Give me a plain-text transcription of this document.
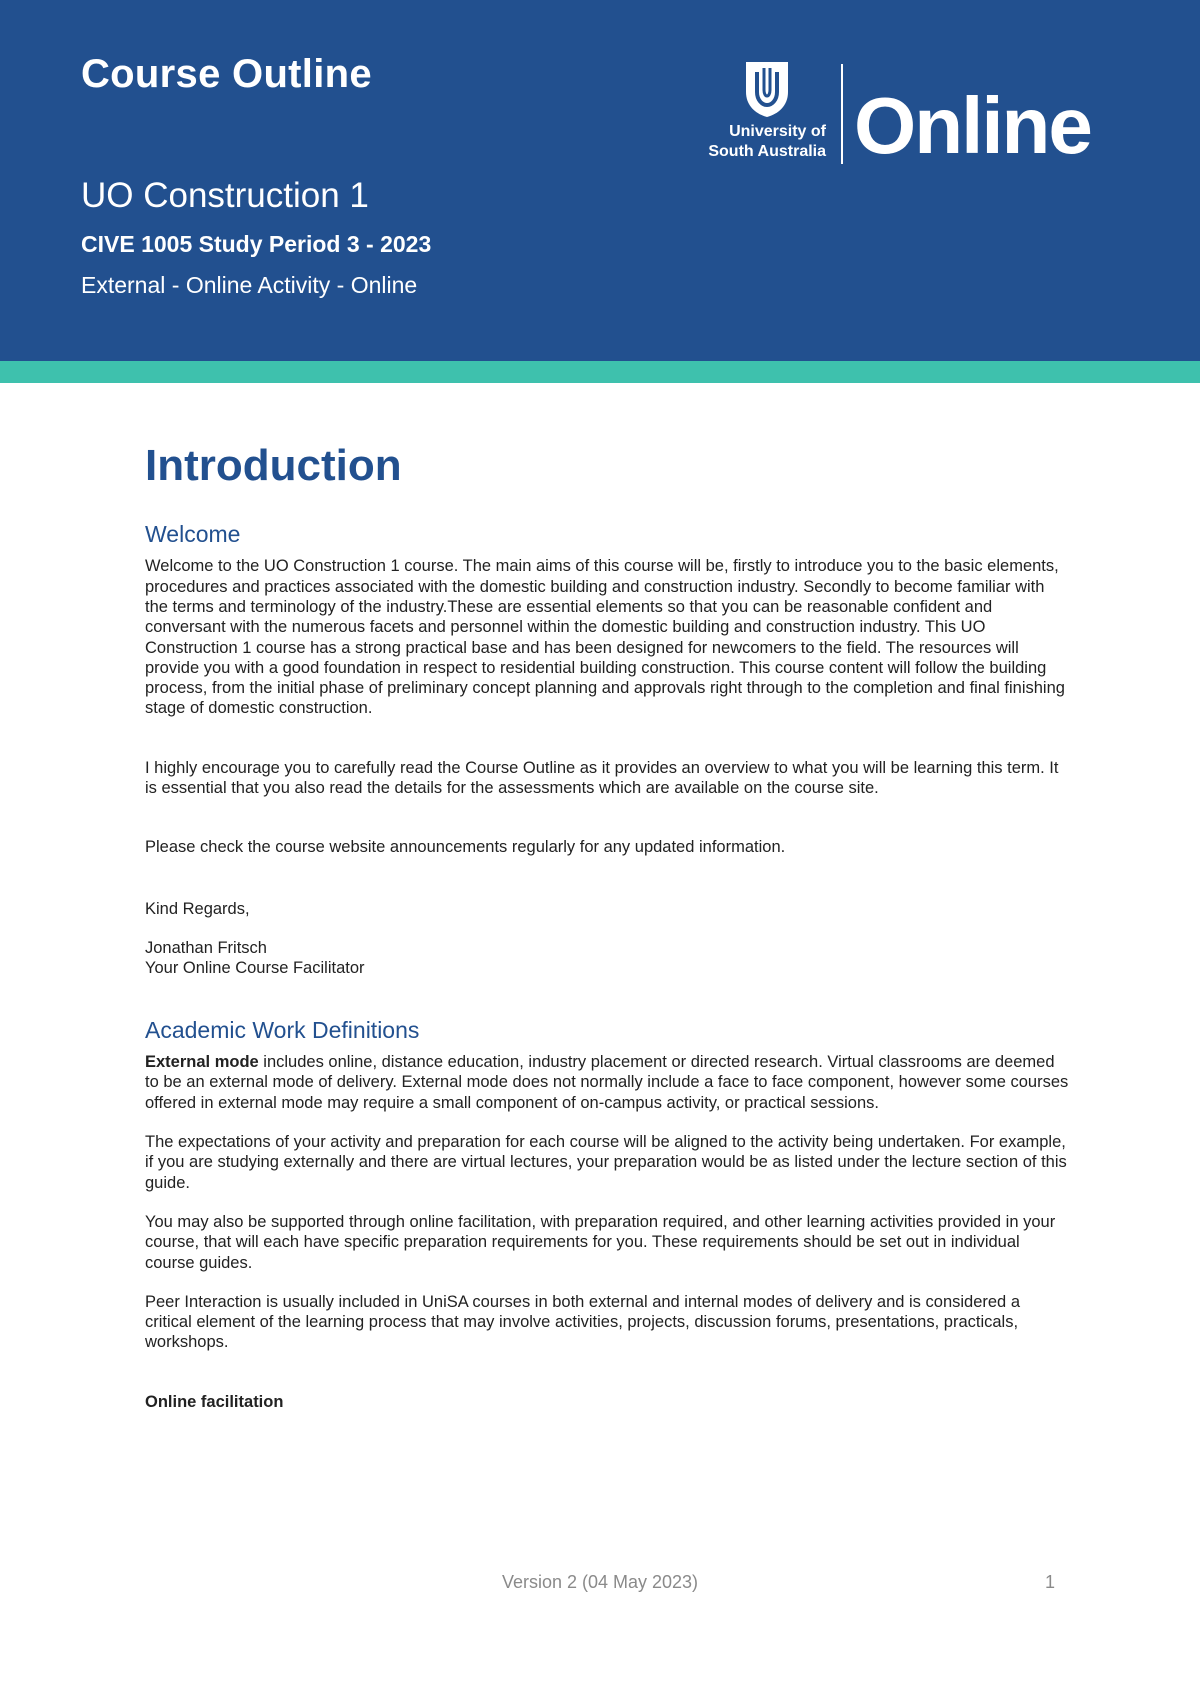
Course Outline
UO Construction 1
CIVE 1005 Study Period 3 - 2023
External - Online Activity - Online
University of
South Australia Online
Introduction
Welcome

Welcome to the UO Construction 1 course. The main aims of this course will be, firstly to introduce you to the basic elements, procedures and practices associated with the domestic building and construction industry. Secondly to become familiar with the terms and terminology of the industry.These are essential elements so that you can be reasonable confident and conversant with the numerous facets and personnel within the domestic building and construction industry. This UO Construction 1 course has a strong practical base and has been designed for newcomers to the field. The resources will provide you with a good foundation in respect to residential building construction. This course content will follow the building process, from the initial phase of preliminary concept planning and approvals right through to the completion and final finishing stage of domestic construction.

I highly encourage you to carefully read the Course Outline as it provides an overview to what you will be learning this term. It is essential that you also read the details for the assessments which are available on the course site.

Please check the course website announcements regularly for any updated information.

Kind Regards,

Jonathan Fritsch

Your Online Course Facilitator

Academic Work Definitions

External mode includes online, distance education, industry placement or directed research. Virtual classrooms are deemed to be an external mode of delivery. External mode does not normally include a face to face component, however some courses offered in external mode may require a small component of on-campus activity, or practical sessions.

The expectations of your activity and preparation for each course will be aligned to the activity being undertaken. For example, if you are studying externally and there are virtual lectures, your preparation would be as listed under the lecture section of this guide.

You may also be supported through online facilitation, with preparation required, and other learning activities provided in your course, that will each have specific preparation requirements for you. These requirements should be set out in individual course guides.

Peer Interaction is usually included in UniSA courses in both external and internal modes of delivery and is considered a critical element of the learning process that may involve activities, projects, discussion forums, presentations, practicals, workshops.

Online facilitation

Version 2 (04 May 2023)	1
